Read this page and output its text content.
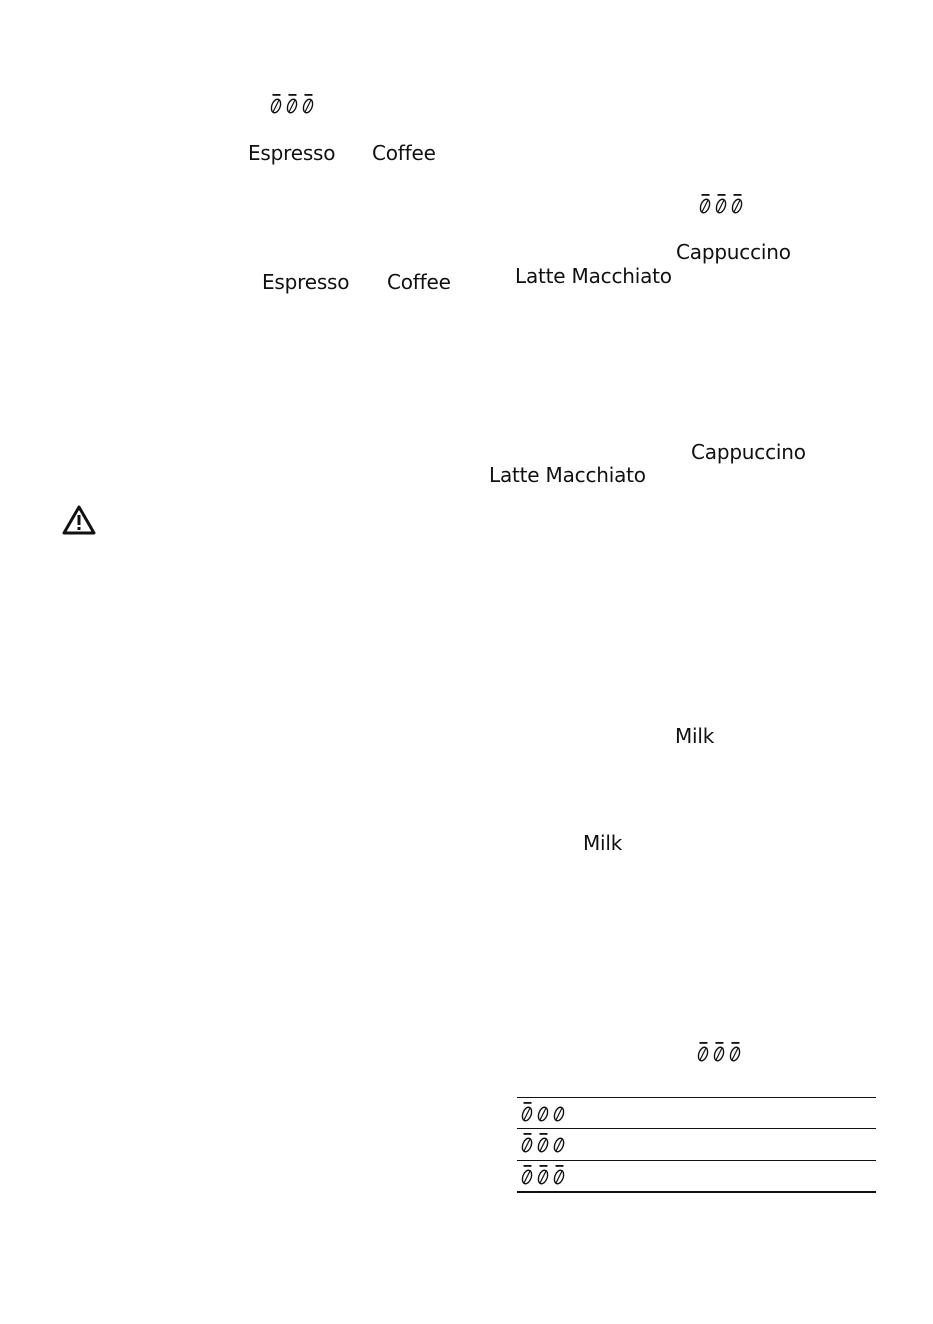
Espresso Coffee
Espresso Coffee
Cappuccino
Latte Macchiato
Cappuccino
Latte Macchiato
Milk
Milk
